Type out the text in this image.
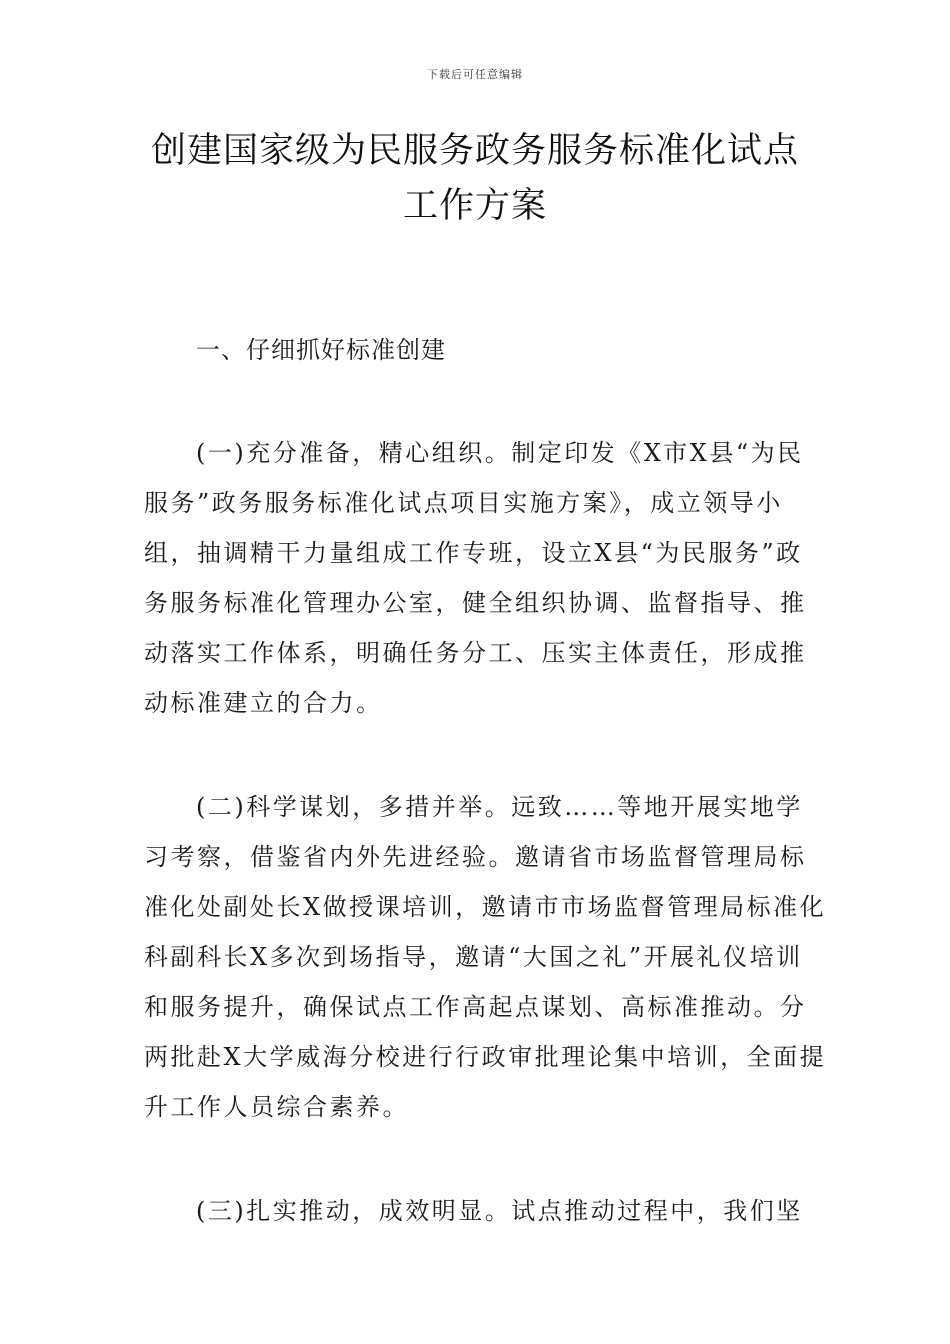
下载后可任意编辑
创建国家级为民服务政务服务标准化试点
工作方案
一、仔细抓好标准创建
(一)充分准备，精心组织。制定印发《X市X县“为民
服务”政务服务标准化试点项目实施方案》，成立领导小
组，抽调精干力量组成工作专班，设立X县“为民服务”政
务服务标准化管理办公室，健全组织协调、监督指导、推
动落实工作体系，明确任务分工、压实主体责任，形成推
动标准建立的合力。
(二)科学谋划，多措并举。远致……等地开展实地学
习考察，借鉴省内外先进经验。邀请省市场监督管理局标
准化处副处长X做授课培训，邀请市市场监督管理局标准化
科副科长X多次到场指导，邀请“大国之礼”开展礼仪培训
和服务提升，确保试点工作高起点谋划、高标准推动。分
两批赴X大学威海分校进行行政审批理论集中培训，全面提
升工作人员综合素养。
(三)扎实推动，成效明显。试点推动过程中，我们坚
